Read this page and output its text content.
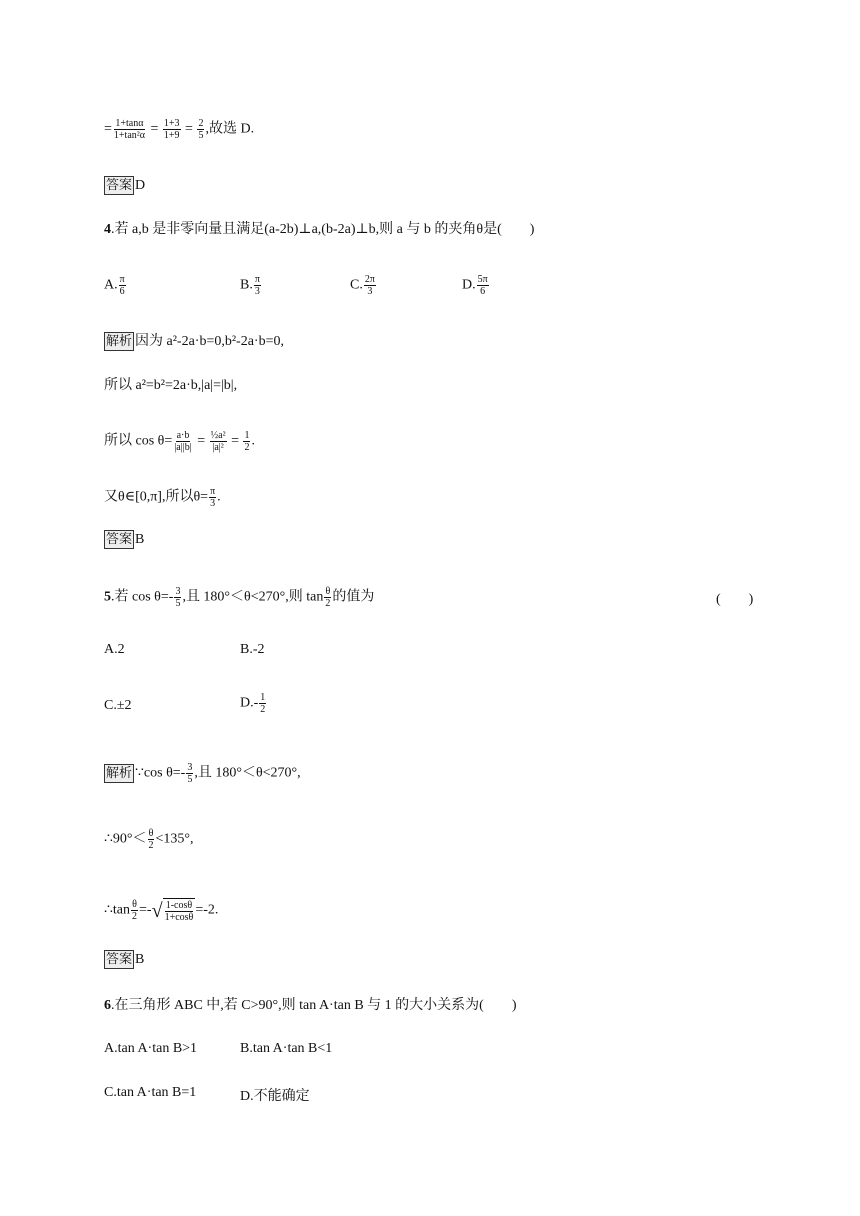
= $\frac{1+\tan\alpha}{\text{1+tan²α}} = \frac{1+3}{1+9} = \frac{2}{5}$ ,故选 D.
答案 D
4.若 a,b 是非零向量且满足(a-2b)⊥a,(b-2a)⊥b,则 a 与 b 的夹角θ是(　　)
A. $\frac{\pi}{6}$	B. $\frac{\pi}{3}$	C. $\frac{2\pi}{3}$	D. $\frac{5\pi}{6}$
解析 因为 a²-2a·b=0,b²-2a·b=0,
所以 a²=b²=2a·b,|a|=|b|,
所以 $\cos \theta= \frac{a\cdot b}{|a||b|} = \frac{\text{½a²}}{\text{|a|²}} = \frac{1}{2}$ .
又θ∈[0,π],所以$\theta= \frac{\pi}{3}$ .
答案 B
5.若 $\cos \theta=- \frac{3}{5}$ ,且 180°＜θ<270°,则 $\tan \frac{\theta}{2}$ 的值为	(　　)
A.2	B.-2
C.±2	$D.- \frac{1}{2}$
解析 ∵cos $\theta=- \frac{3}{5}$ ,且 180°＜θ<270°,
∴90°＜ $\frac{\theta}{2} <135^\circ$,
∴tan $\frac{\theta}{2}$ =- √ $\frac{1-\cos\theta}{1+\cos\theta} =-2$.
答案 B
6.在三角形 ABC 中,若 C>90°,则 tan A·tan B 与 1 的大小关系为(　　)
A.tan A·tan B>1	B.tan A·tan B<1
C.tan A·tan B=1	D.不能确定
